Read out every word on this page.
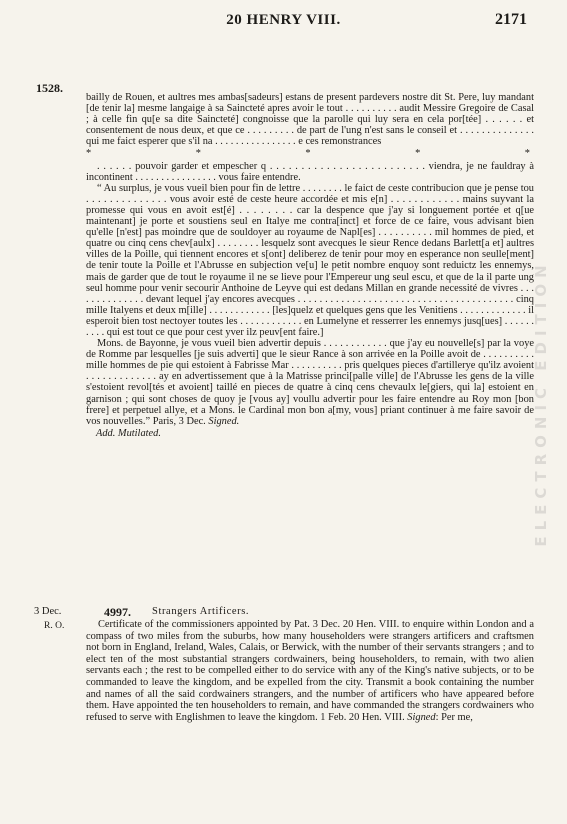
20 HENRY VIII.	2171
1528.

bailly de Rouen, et aultres mes ambas[sadeurs] estans de present pardevers nostre dit St. Pere, luy mandant [de tenir la] mesme langaige à sa Saincteté apres avoir le tout . . . . . . . . . . audit Messire Gregoire de Casal ; à celle fin qu[e sa dite Saincteté] congnoisse que la parolle qui luy sera en cela por[tée] . . . . . . et consentement de nous deux, et que ce . . . . . . . . . de part de l'ung n'est sans le conseil et . . . . . . . . . . . . . . qui me faict esperer que s'il na . . . . . . . . . . . . . . . . e ces remonstrances

*	*	*	*	*

. . . . . . pouvoir garder et empescher q . . . . . . . . . . . . . . . . . . . . . . . . . viendra, je ne fauldray à incontinent . . . . . . . . . . . . . . . . vous faire entendre.

“ Au surplus, je vous vueil bien pour fin de lettre . . . . . . . . le faict de ceste contribucion que je pense tou . . . . . . . . . . . . . . vous avoir esté de ceste heure accordée et mis e[n] . . . . . . . . . . . . mains suyvant la promesse qui vous en avoit est[é] . . . . . . . . car la despence que j'ay si longuement portée et q[ue maintenant] je porte et soustiens seul en Italye me contra[inct] et force de ce faire, vous advisant bien qu'elle [n'est] pas moindre que de souldoyer au royaume de Napl[es] . . . . . . . . . . mil hommes de pied, et quatre ou cinq cens chev[aulx] . . . . . . . . lesquelz sont avecques le sieur Rence dedans Barlett[a et] aultres villes de la Poille, qui tiennent encores et s[ont] deliberez de tenir pour moy en esperance non seulle[ment] de tenir toute la Poille et l'Abrusse en subjection ve[u] le petit nombre enquoy sont reduictz les ennemys, mais de garder que de tout le royaume il ne se lieve pour l'Empereur ung seul escu, et que de la il parte ung seul homme pour venir secourir Anthoine de Leyve qui est dedans Millan en grande necessité de vivres . . . . . . . . . . . . . . devant lequel j'ay encores avecques . . . . . . . . . . . . . . . . . . . . . . . . . . . . . . . . . . . . . . . . cinq mille Italyens et deux m[ille] . . . . . . . . . . . . [les]quelz et quelques gens que les Venitiens . . . . . . . . . . . . . il esperoit bien tost nectoyer toutes les . . . . . . . . . . . . en Lumelyne et resserrer les ennemys jusq[ues] . . . . . . . . . . qui est tout ce que pour cest yver ilz peuv[ent faire.]

Mons. de Bayonne, je vous vueil bien advertir depuis . . . . . . . . . . . . que j'ay eu nouvelle[s] par la voye de Romme par lesquelles [je suis adverti] que le sieur Rance à son arrivée en la Poille avoit de . . . . . . . . . . mille hommes de pie qui estoient à Fabrisse Mar . . . . . . . . . . pris quelques pieces d'artillerye qu'ilz avoient . . . . . . . . . . . . . ay en advertissement que à la Matrisse princi[palle ville] de l'Abrusse les gens de la ville s'estoient revol[tés et avoient] taillé en pieces de quatre à cinq cens chevaulx le[giers, qui la] estoient en garnison ; qui sont choses de quoy je [vous ay] voullu advertir pour les faire entendre au Roy mon [bon frere] et perpetuel allye, et a Mons. le Cardinal mon bon a[my, vous] priant continuer à me faire savoir de vos nouvelles.” Paris, 3 Dec. Signed.

Add. Mutilated.
3 Dec.	4997. Strangers Artificers.
R. O.	Certificate of the commissioners appointed by Pat. 3 Dec. 20 Hen. VIII. to enquire within London and a compass of two miles from the suburbs, how many householders were strangers artificers and craftsmen not born in England, Ireland, Wales, Calais, or Berwick, with the number of their servants strangers ; and to elect ten of the most substantial strangers cordwainers, being householders, to remain, with two alien servants each ; the rest to be compelled either to do service with any of the King's native subjects, or to be commanded to leave the kingdom, and be expelled from the city. Transmit a book containing the number and names of all the said cordwainers strangers, and the number of artificers who have appeared before them. Have appointed the ten householders to remain, and have commanded the strangers cordwainers who refused to serve with Englishmen to leave the kingdom. 1 Feb. 20 Hen. VIII. Signed: Per me,

ELECTRONIC EDITION
